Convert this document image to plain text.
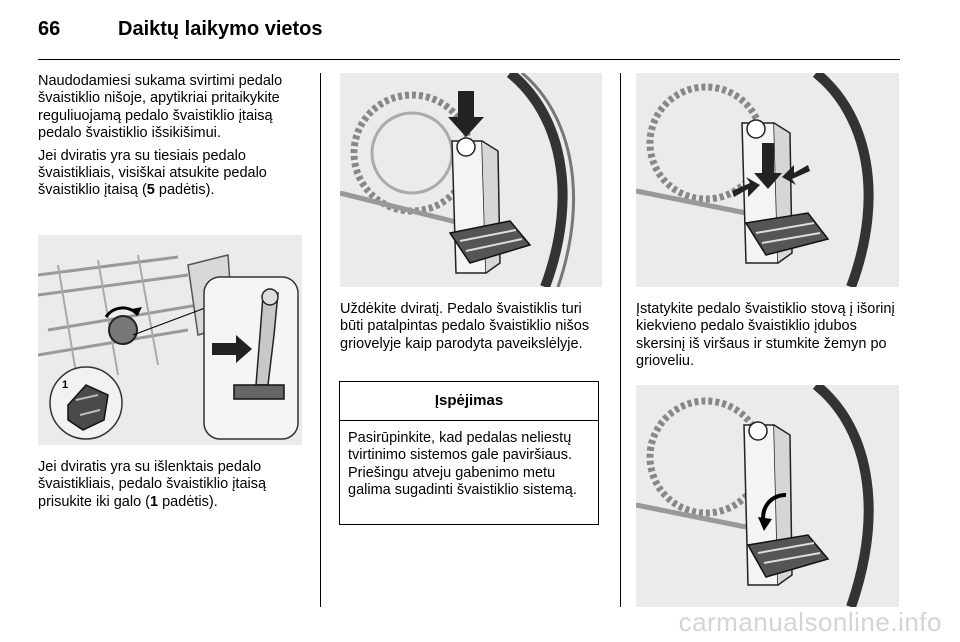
66	Daiktų laikymo vietos

Naudodamiesi sukama svirtimi pedalo švaistiklio nišoje, apytikriai pritaikykite reguliuojamą pedalo švaistiklio įtaisą pedalo švaistiklio išsikišimui.

Jei dviratis yra su tiesiais pedalo švaistikliais, visiškai atsukite pedalo švaistiklio įtaisą (5 padėtis).

1

Jei dviratis yra su išlenktais pedalo švaistikliais, pedalo švaistiklio įtaisą prisukite iki galo (1 padėtis).

Uždėkite dviratį. Pedalo švaistiklis turi būti patalpintas pedalo švaistiklio nišos griovelyje kaip parodyta paveikslėlyje.

Įspėjimas

Pasirūpinkite, kad pedalas neliestų tvirtinimo sistemos gale paviršiaus. Priešingu atveju gabenimo metu galima sugadinti švaistiklio sistemą.

Įstatykite pedalo švaistiklio stovą į išorinį kiekvieno pedalo švaistiklio įdubos skersinį iš viršaus ir stumkite žemyn po grioveliu.

carmanualsonline.info
